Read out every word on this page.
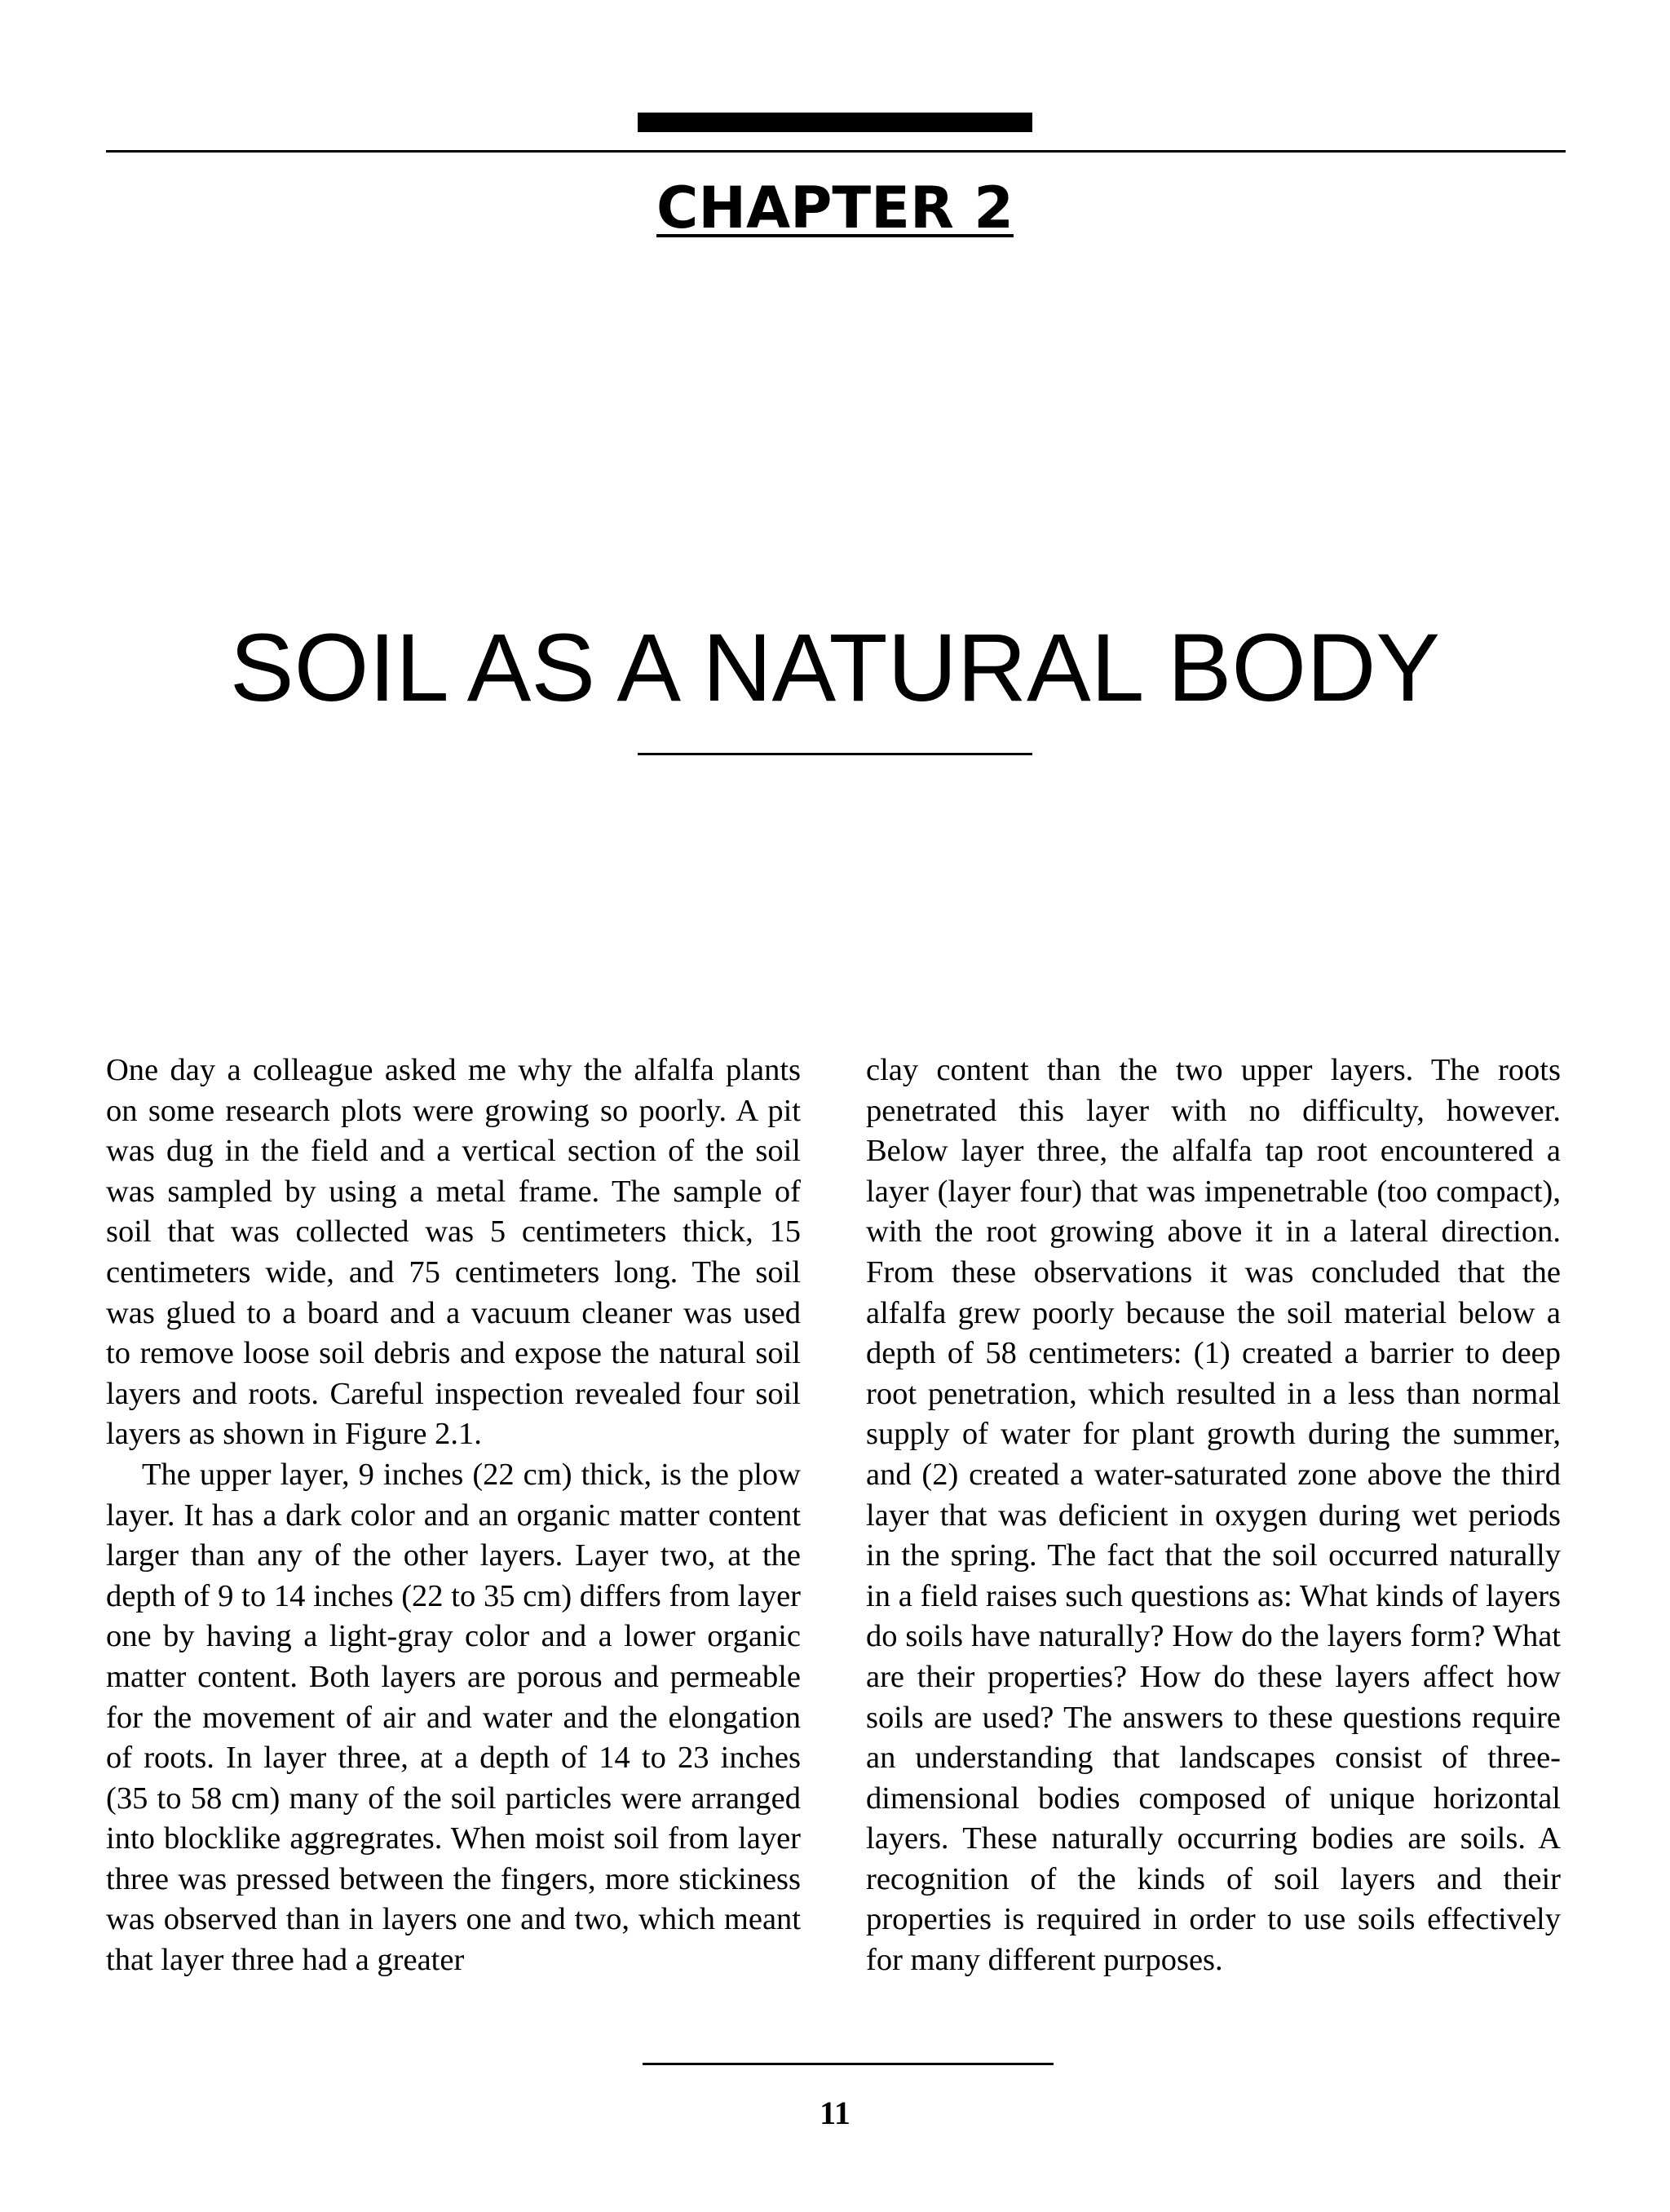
CHAPTER 2
SOIL AS A NATURAL BODY

One day a colleague asked me why the alfalfa plants on some research plots were growing so poorly. A pit was dug in the field and a vertical section of the soil was sampled by using a metal frame. The sample of soil that was collected was 5 centimeters thick, 15 centimeters wide, and 75 centimeters long. The soil was glued to a board and a vacuum cleaner was used to remove loose soil debris and expose the natural soil layers and roots. Careful inspection revealed four soil layers as shown in Figure 2.1.

The upper layer, 9 inches (22 cm) thick, is the plow layer. It has a dark color and an organic matter content larger than any of the other layers. Layer two, at the depth of 9 to 14 inches (22 to 35 cm) differs from layer one by having a light-gray color and a lower organic matter content. Both layers are porous and permeable for the movement of air and water and the elongation of roots. In layer three, at a depth of 14 to 23 inches (35 to 58 cm) many of the soil particles were arranged into blocklike aggregrates. When moist soil from layer three was pressed between the fingers, more stickiness was observed than in layers one and two, which meant that layer three had a greater

clay content than the two upper layers. The roots penetrated this layer with no difficulty, however. Below layer three, the alfalfa tap root encountered a layer (layer four) that was impenetrable (too compact), with the root growing above it in a lateral direction. From these observations it was concluded that the alfalfa grew poorly because the soil material below a depth of 58 centimeters: (1) created a barrier to deep root penetration, which resulted in a less than normal supply of water for plant growth during the summer, and (2) created a water-saturated zone above the third layer that was deficient in oxygen during wet periods in the spring. The fact that the soil occurred naturally in a field raises such questions as: What kinds of layers do soils have naturally? How do the layers form? What are their properties? How do these layers affect how soils are used? The answers to these questions require an understanding that landscapes consist of three-dimensional bodies composed of unique horizontal layers. These naturally occurring bodies are soils. A recognition of the kinds of soil layers and their properties is required in order to use soils effectively for many different purposes.

11
